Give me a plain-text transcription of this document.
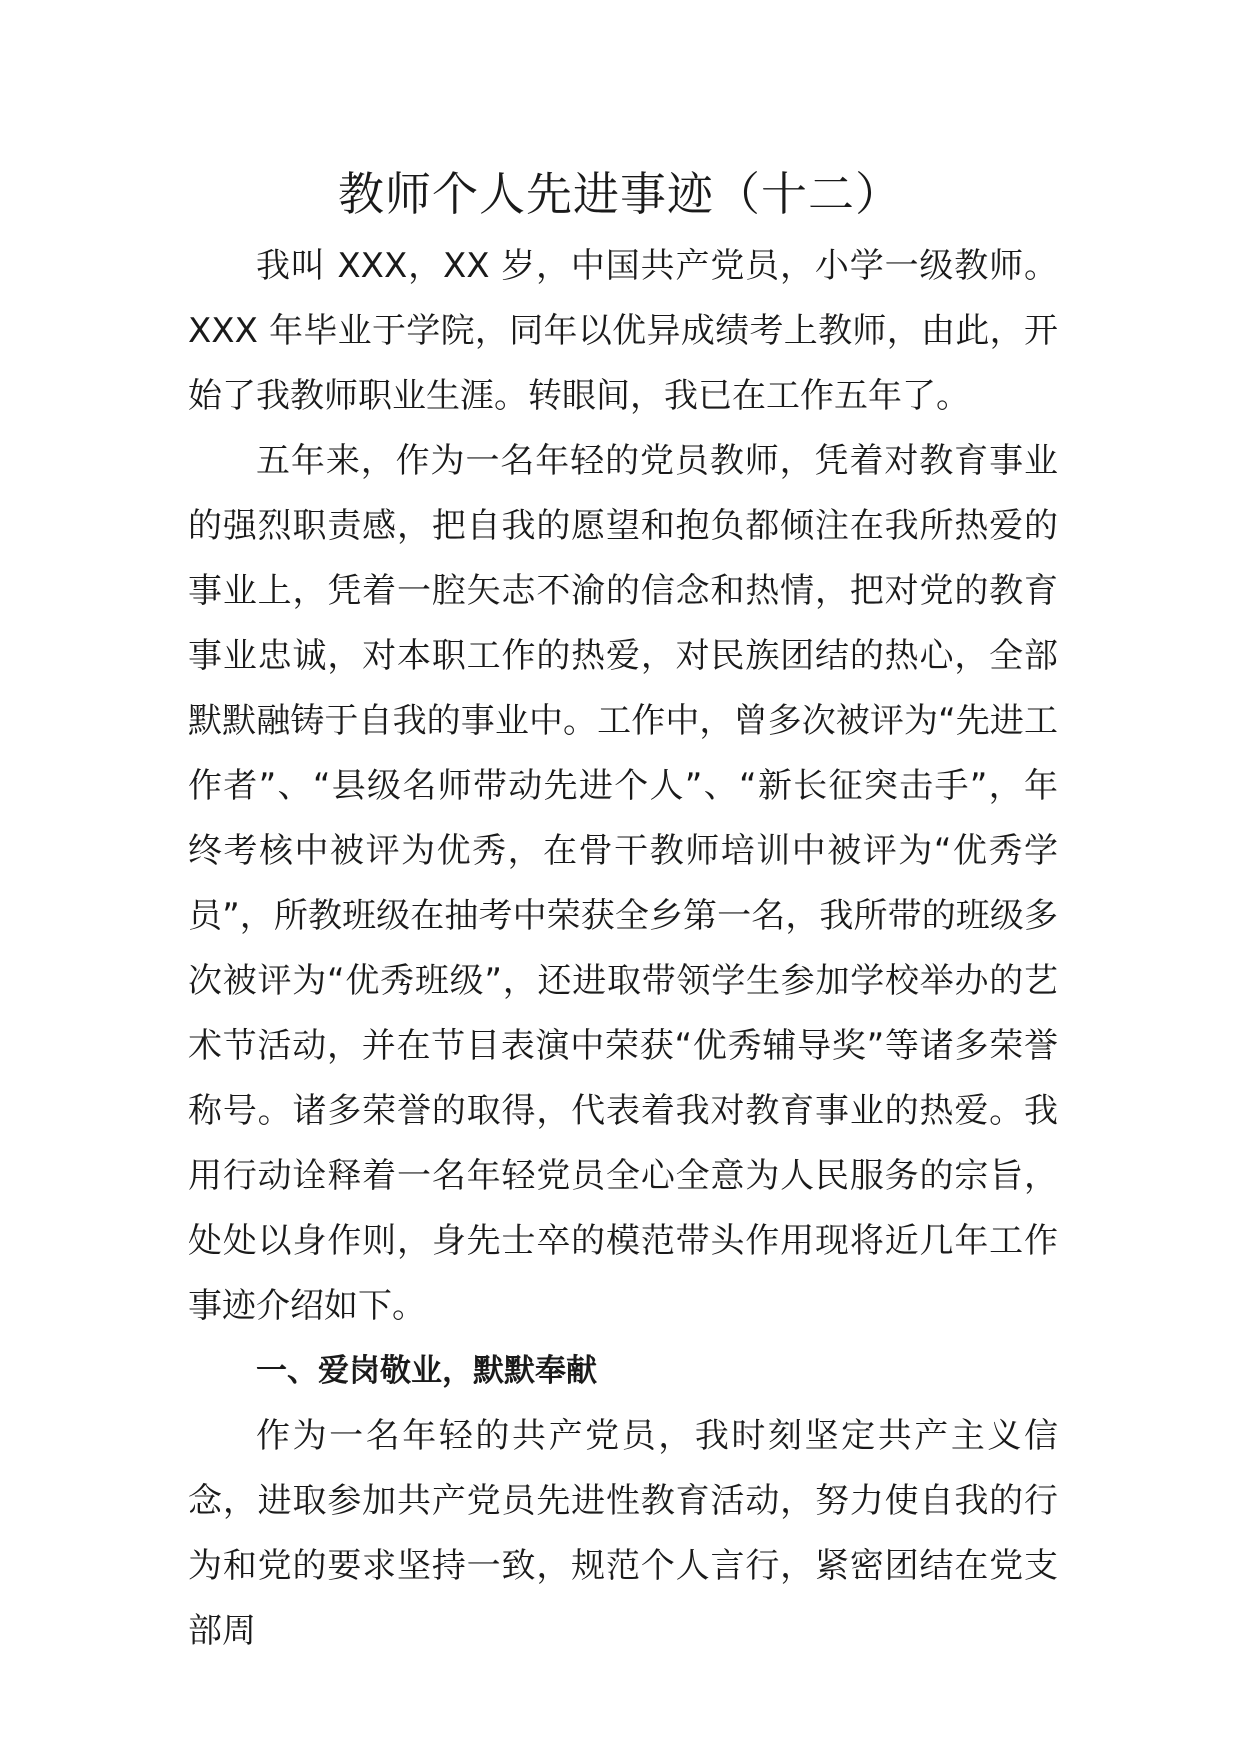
教师个人先进事迹（十二）

我叫 XXX，XX 岁，中国共产党员，小学一级教师。XXX 年毕业于学院，同年以优异成绩考上教师，由此，开始了我教师职业生涯。转眼间，我已在工作五年了。

五年来，作为一名年轻的党员教师，凭着对教育事业的强烈职责感，把自我的愿望和抱负都倾注在我所热爱的事业上，凭着一腔矢志不渝的信念和热情，把对党的教育事业忠诚，对本职工作的热爱，对民族团结的热心，全部默默融铸于自我的事业中。工作中，曾多次被评为“先进工作者”、“县级名师带动先进个人”、“新长征突击手”，年终考核中被评为优秀，在骨干教师培训中被评为“优秀学员”，所教班级在抽考中荣获全乡第一名，我所带的班级多次被评为“优秀班级”，还进取带领学生参加学校举办的艺术节活动，并在节目表演中荣获“优秀辅导奖”等诸多荣誉称号。诸多荣誉的取得，代表着我对教育事业的热爱。我用行动诠释着一名年轻党员全心全意为人民服务的宗旨，处处以身作则，身先士卒的模范带头作用现将近几年工作事迹介绍如下。

一、爱岗敬业，默默奉献

作为一名年轻的共产党员，我时刻坚定共产主义信念，进取参加共产党员先进性教育活动，努力使自我的行为和党的要求坚持一致，规范个人言行，紧密团结在党支部周
